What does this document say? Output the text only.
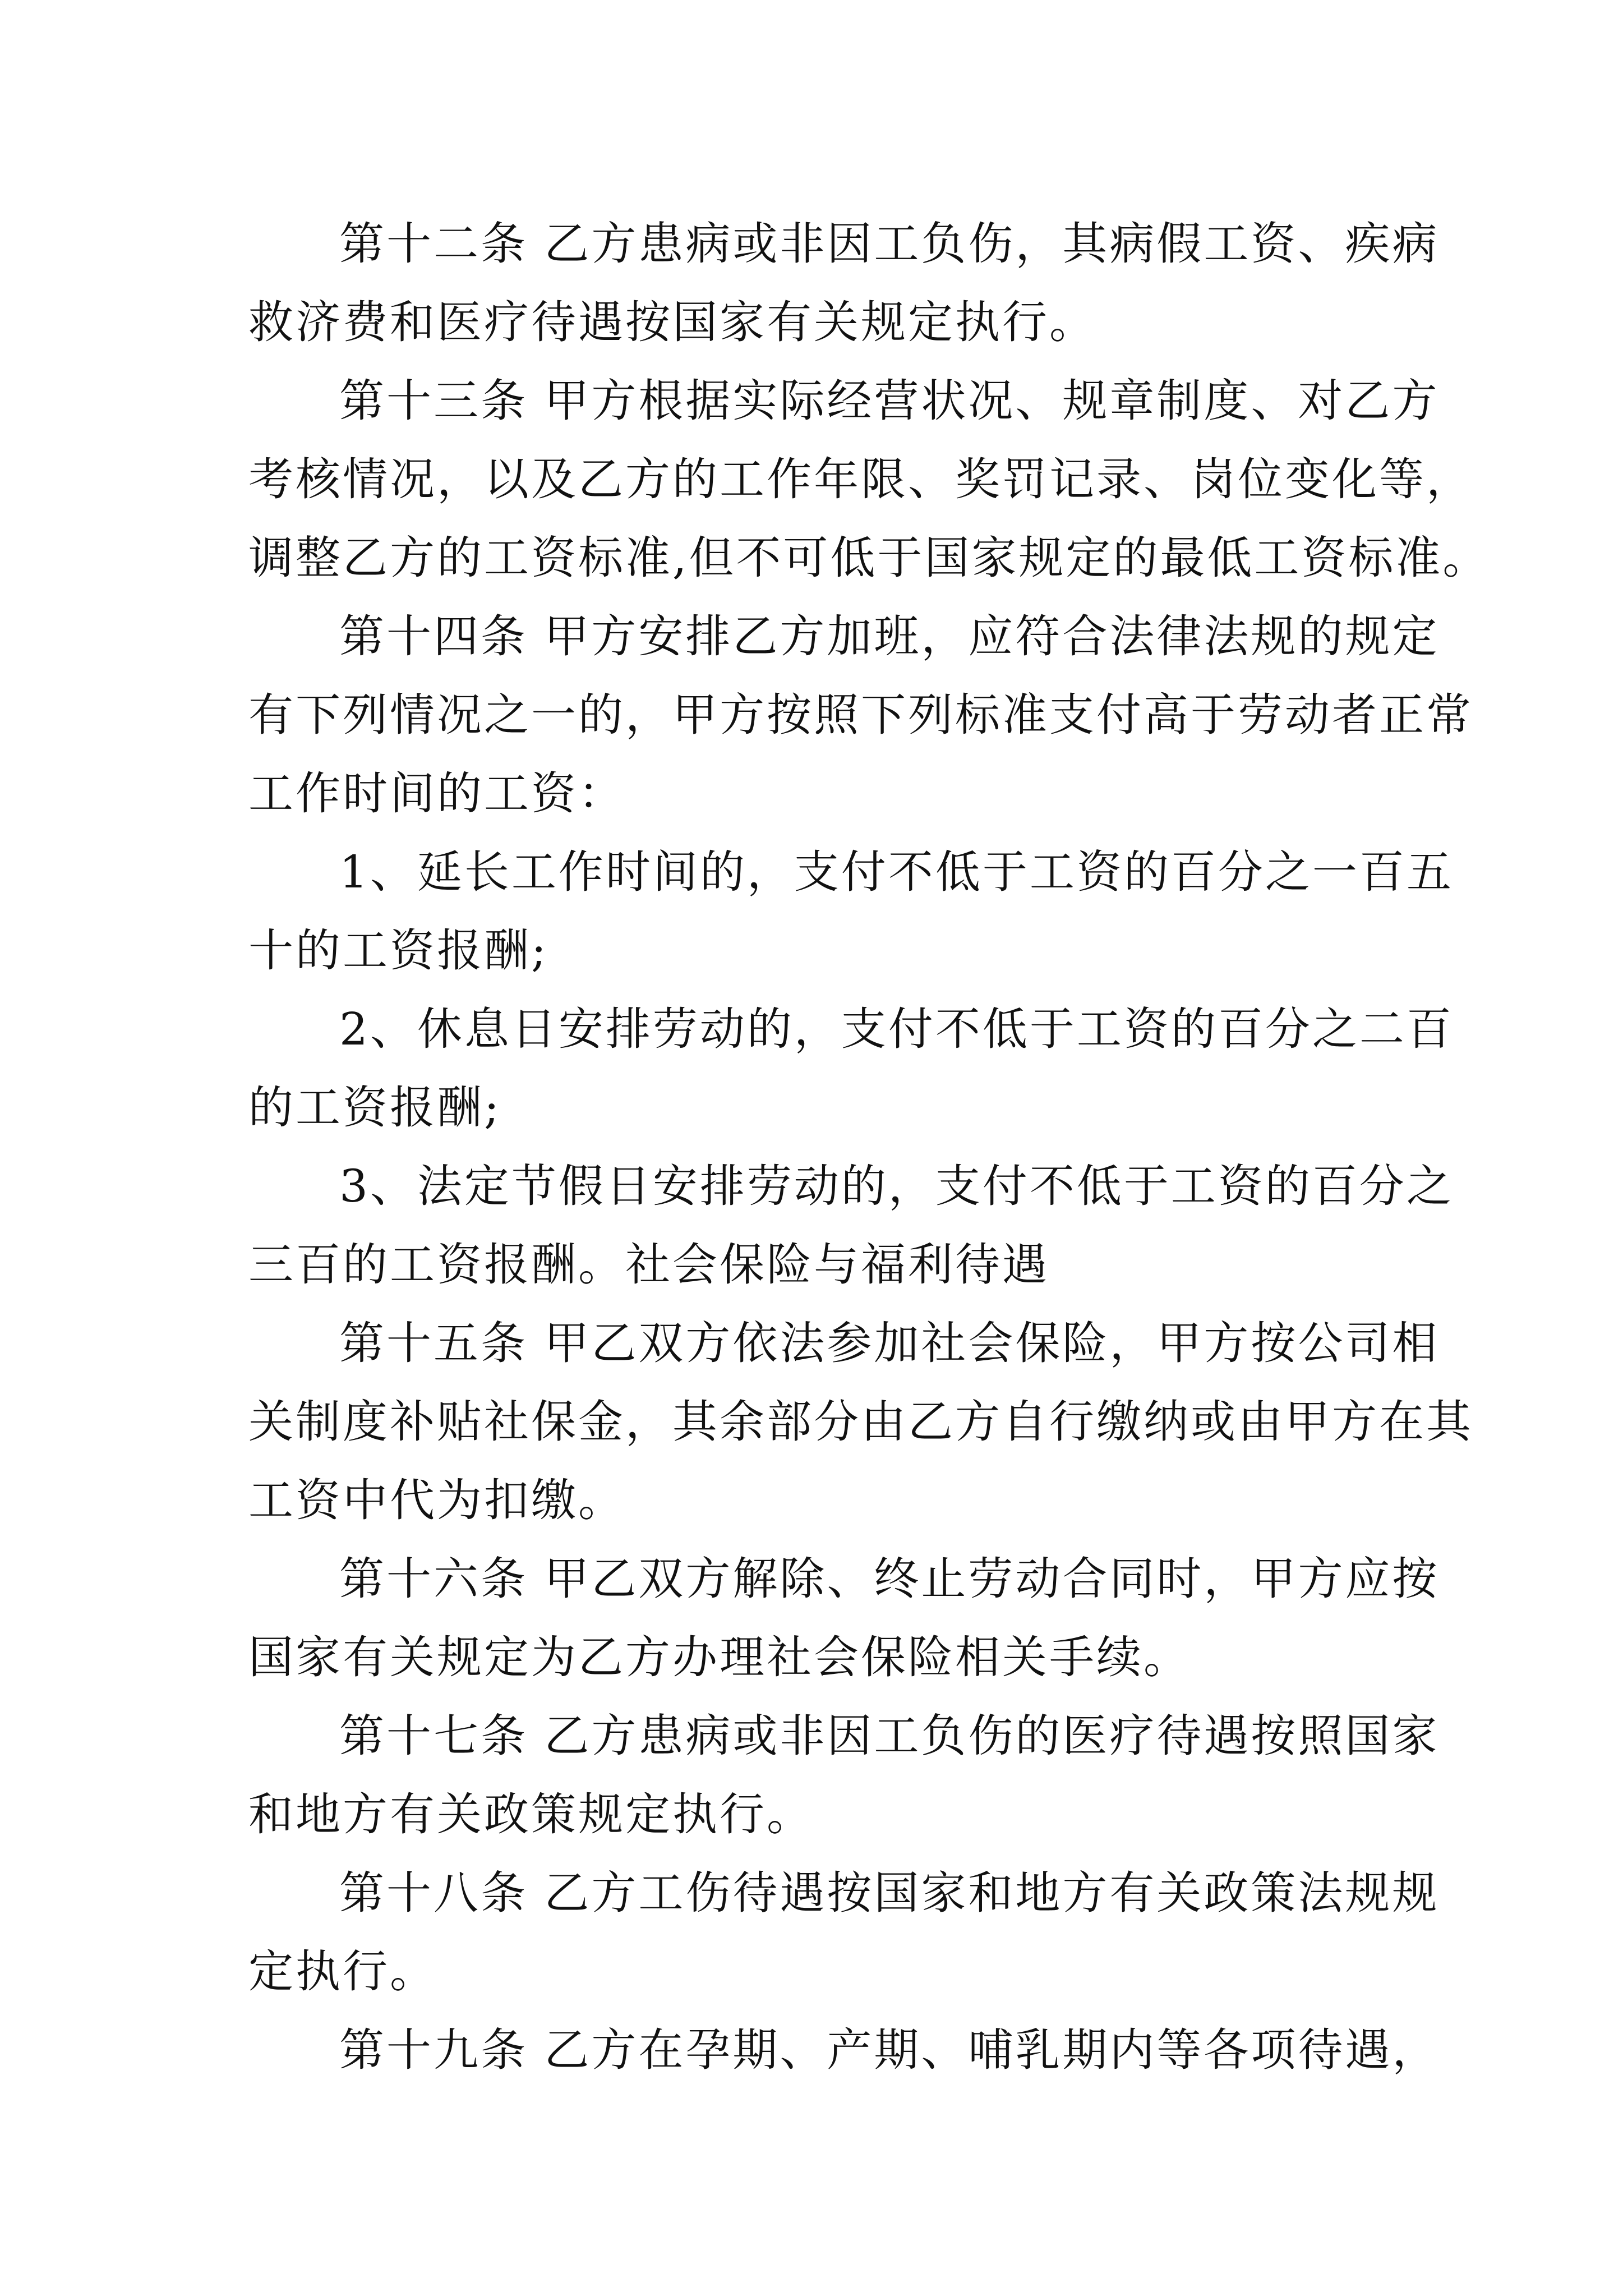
第十二条 乙方患病或非因工负伤，其病假工资、疾病
救济费和医疗待遇按国家有关规定执行。
第十三条 甲方根据实际经营状况、规章制度、对乙方
考核情况，以及乙方的工作年限、奖罚记录、岗位变化等，
调整乙方的工资标准,但不可低于国家规定的最低工资标准。
第十四条 甲方安排乙方加班，应符合法律法规的规定
有下列情况之一的，甲方按照下列标准支付高于劳动者正常
工作时间的工资：
1、延长工作时间的，支付不低于工资的百分之一百五
十的工资报酬;
2、休息日安排劳动的，支付不低于工资的百分之二百
的工资报酬;
3、法定节假日安排劳动的，支付不低于工资的百分之
三百的工资报酬。社会保险与福利待遇
第十五条 甲乙双方依法参加社会保险，甲方按公司相
关制度补贴社保金，其余部分由乙方自行缴纳或由甲方在其
工资中代为扣缴。
第十六条 甲乙双方解除、终止劳动合同时，甲方应按
国家有关规定为乙方办理社会保险相关手续。
第十七条 乙方患病或非因工负伤的医疗待遇按照国家
和地方有关政策规定执行。
第十八条 乙方工伤待遇按国家和地方有关政策法规规
定执行。
第十九条 乙方在孕期、产期、哺乳期内等各项待遇，
